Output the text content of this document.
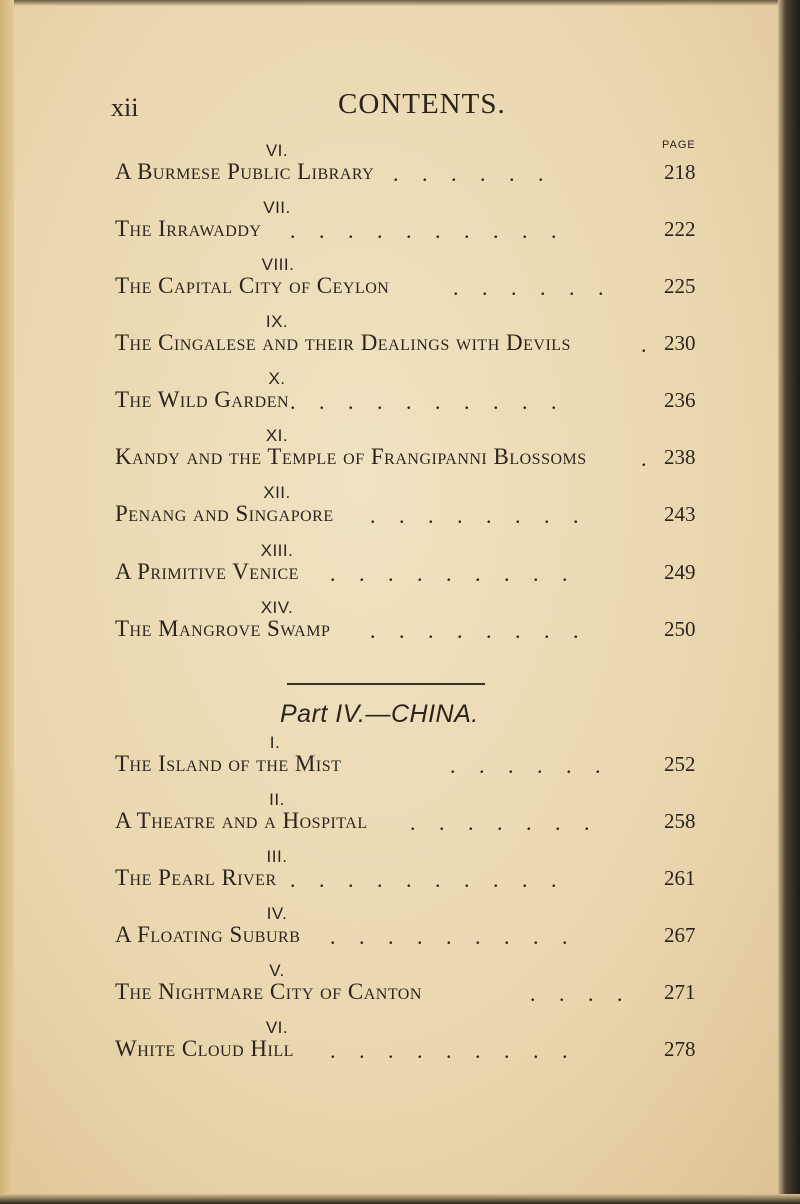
xii	CONTENTS.
PAGE
VI.
A Burmese Public Library . . . . . .	218
VII.
The Irrawaddy . . . . . . . . . .	222
VIII.
The Capital City of Ceylon	. . . . . . 225
IX.
The Cingalese and their Dealings with Devils	. 230
X.
The Wild Garden . . . . . . . . . .	236
XI.
Kandy and the Temple of Frangipanni Blossoms . 238
XII.
Penang and Singapore . . . . . . . .	243
XIII.
A Primitive Venice . . . . . . . . .	249
XIV.
The Mangrove Swamp . . . . . . . .	250
Part IV.—CHINA.
I.
The Island of the Mist	. . . . . .	252
II.
A Theatre and a Hospital . . . . . . .	258
III.
The Pearl River . . . . . . . . . .	261
IV.
A Floating Suburb . . . . . . . . .	267
V.
The Nightmare City of Canton	. . . . 271
VI.
White Cloud Hill . . . . . . . . .	278
